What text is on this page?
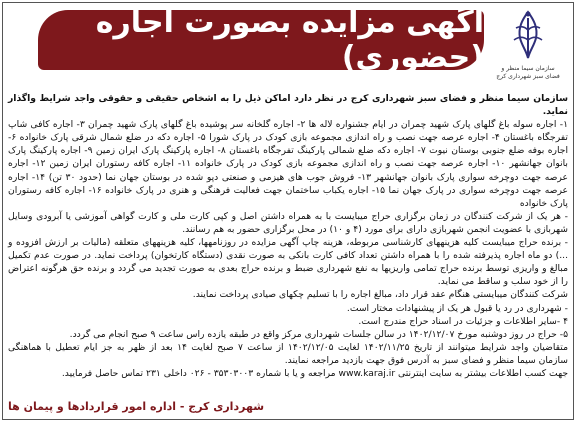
سازمان سیما منظر و فضای سبز شهرداری کرج
آگهی مزایده بصورت اجاره (حضوری)

سازمان سیما منظر و فضای سبز شهرداری کرج در نظر دارد اماکن ذیل را به اشخاص حقیقی و حقوقی واجد شرایط واگذار نماید.

۱- اجاره سوله باغ گلهای پارک شهید چمران در ایام جشنواره لاله ها ۲- اجاره گلخانه سر پوشیده باغ گلهای پارک شهید چمران ۳- اجاره کافی شاپ تفرجگاه باغستان ۴- اجاره عرصه جهت نصب و راه اندازی مجموعه بازی کودک در پارک شورا ۵- اجاره دکه در ضلع شمال شرقی پارک خانواده ۶- اجاره بوفه ضلع جنوبی بوستان نیوت ۷- اجاره دکه ضلع شمالی پارکینگ تفرجگاه باغستان ۸- اجاره پارکینگ پارک ایران زمین ۹- اجاره پارکینگ پارک بانوان جهانشهر ۱۰- اجاره عرصه جهت نصب و راه اندازی مجموعه بازی کودک در پارک خانواده ۱۱- اجاره کافه رستوران ایران زمین ۱۲- اجاره عرصه جهت دوچرخه سواری پارک بانوان جهانشهر ۱۳- فروش جوب های هیزمی و صنعتی دپو شده در بوستان جهان نما (حدود ۳۰ تن) ۱۴- اجاره عرصه جهت دوچرخه سواری در پارک جهان نما ۱۵- اجاره یکباب ساختمان جهت فعالیت فرهنگی و هنری در پارک خانواده ۱۶- اجاره کافه رستوران پارک خانواده

- هر یک از شرکت کنندگان در زمان برگزاری حراج میبایست با به همراه داشتن اصل و کپی کارت ملی و کارت گواهی آموزشی یا آبرودی وسایل شهربازی با عضویت انجمن شهربازی دارای برای مورد (۴ و ۱۰) در محل برگزاری حضور به هم رسانند.

- برنده حراج میبایست کلیه هزینههای کارشناسی مربوطه، هزینه چاپ آگهی مزایده در روزنامهها، کلیه هزینههای متعلقه (مالیات بر ارزش افزوده و ...) دو ماه اجاره پذیرفته شده را با همراه داشتن تعداد کافی کارت بانکی به صورت نقدی (دستگاه کارتخوان) پرداخت نماید. در صورت عدم تکمیل مبالغ و واریزی توسط برنده حراج تمامی واریزیها به نفع شهرداری ضبط و برنده حراج بعدی به صورت تجدید می گردد و برنده حق هرگونه اعتراض را از خود سلب و ساقط می نماید.

شرکت کنندگان میبایستی هنگام عقد قرار داد، مبالغ اجاره را با تسلیم چکهای صیادی پرداخت نمایند.

- شهرداری در رد یا قبول هر یک از پیشنهادات مختار است.

۴ -سایر اطلاعات و جزئیات در اسناد حراج مندرج است.

۵- حراج در روز دوشنبه مورخ ۱۴۰۲/۱۲/۰۷ در سالن جلسات شهرداری مرکز واقع در طبقه یازده راس ساعت ۹ صبح انجام می گردد.

متقاضیان واجد شرایط میتوانند از تاریخ ۱۴۰۲/۱۱/۲۵ لغایت ۱۴۰۲/۱۲/۰۵ از ساعت ۷ صبح لغایت ۱۴ بعد از ظهر به جز ایام تعطیل با هماهنگی سازمان سیما منظر و فضای سبز به آدرس فوق جهت بازدید مراجعه نمایند.

جهت کسب اطلاعات بیشتر به سایت اینترنتی www.karaj.ir مراجعه و یا با شماره ۳۵۳۰۳۰۰۳ - ۰۲۶ داخلی ۲۳۱ تماس حاصل فرمایید.

شهرداری کرج - اداره امور قراردادها و پیمان ها
